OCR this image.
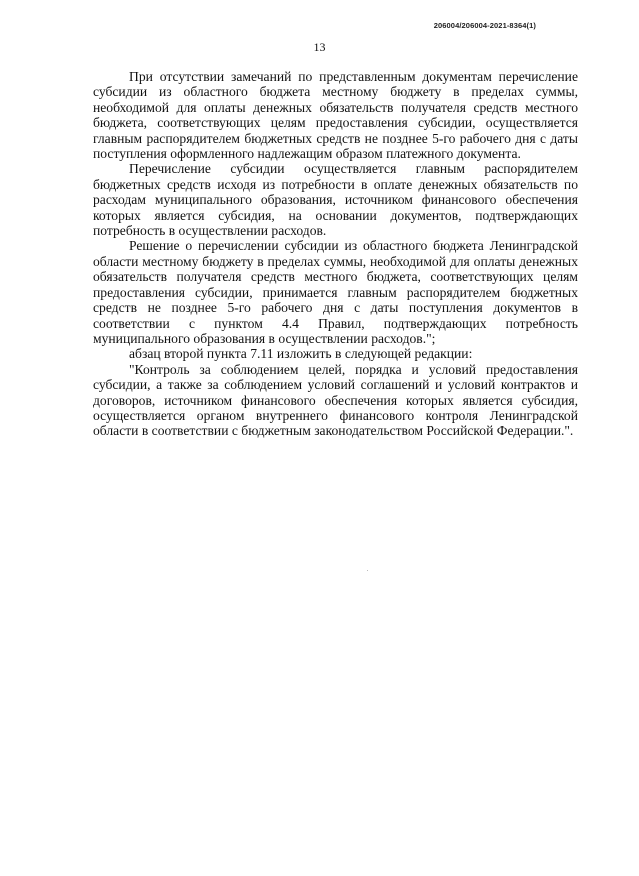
206004/206004-2021-8364(1)
13

При отсутствии замечаний по представленным документам перечисление субсидии из областного бюджета местному бюджету в пределах суммы, необходимой для оплаты денежных обязательств получателя средств местного бюджета, соответствующих целям предоставления субсидии, осуществляется главным распорядителем бюджетных средств не позднее 5-го рабочего дня с даты поступления оформленного надлежащим образом платежного документа.

Перечисление субсидии осуществляется главным распорядителем бюджетных средств исходя из потребности в оплате денежных обязательств по расходам муниципального образования, источником финансового обеспечения которых является субсидия, на основании документов, подтверждающих потребность в осуществлении расходов.

Решение о перечислении субсидии из областного бюджета Ленинградской области местному бюджету в пределах суммы, необходимой для оплаты денежных обязательств получателя средств местного бюджета, соответствующих целям предоставления субсидии, принимается главным распорядителем бюджетных средств не позднее 5-го рабочего дня с даты поступления документов в соответствии с пунктом 4.4 Правил, подтверждающих потребность муниципального образования в осуществлении расходов.";

абзац второй пункта 7.11 изложить в следующей редакции:

"Контроль за соблюдением целей, порядка и условий предоставления субсидии, а также за соблюдением условий соглашений и условий контрактов и договоров, источником финансового обеспечения которых является субсидия, осуществляется органом внутреннего финансового контроля Ленинградской области в соответствии с бюджетным законодательством Российской Федерации.".
